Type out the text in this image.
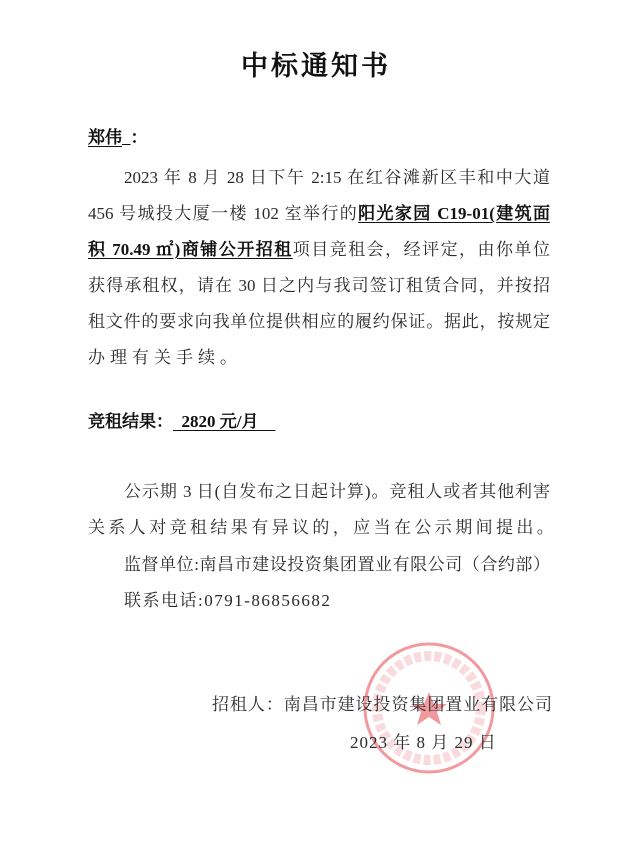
中标通知书
郑伟 ：
2023 年 8 月 28 日下午 2:15 在红谷滩新区丰和中大道
456 号城投大厦一楼 102 室举行的阳光家园 C19-01(建筑面
积 70.49 ㎡)商铺公开招租项目竞租会，经评定，由你单位
获得承租权，请在 30 日之内与我司签订租赁合同，并按招
租文件的要求向我单位提供相应的履约保证。据此，按规定
办理有关手续。
竞租结果： 2820 元/月
公示期 3 日(自发布之日起计算)。竞租人或者其他利害
关系人对竞租结果有异议的，应当在公示期间提出。
监督单位:南昌市建设投资集团置业有限公司（合约部）
联系电话:0791-86856682
招租人：南昌市建设投资集团置业有限公司
2023 年 8 月 29 日
